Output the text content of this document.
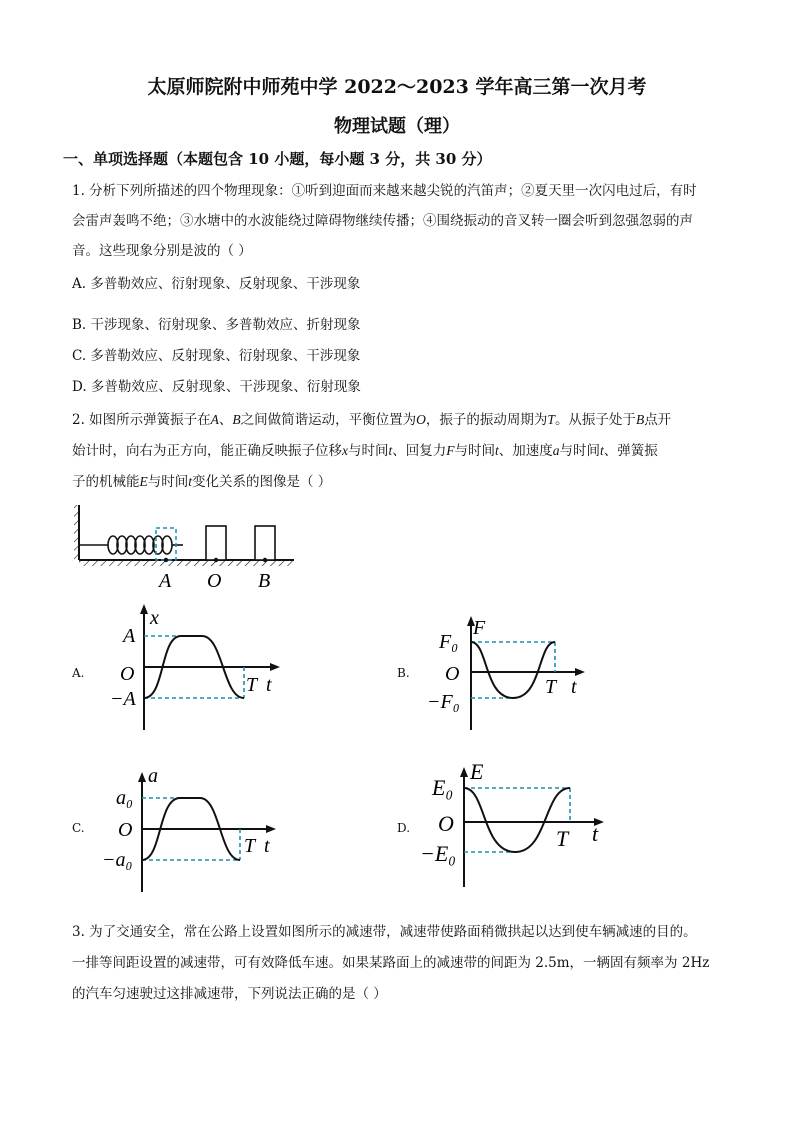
太原师院附中师苑中学 2022～2023 学年高三第一次月考
物理试题（理）
一、单项选择题（本题包含 10 小题，每小题 3 分，共 30 分）
1. 分析下列所描述的四个物理现象：①听到迎面而来越来越尖锐的汽笛声；②夏天里一次闪电过后，有时
会雷声轰鸣不绝；③水塘中的水波能绕过障碍物继续传播；④围绕振动的音叉转一圈会听到忽强忽弱的声
音。这些现象分别是波的（ ）
A. 多普勒效应、衍射现象、反射现象、干涉现象
B. 干涉现象、衍射现象、多普勒效应、折射现象
C. 多普勒效应、反射现象、衍射现象、干涉现象
D. 多普勒效应、反射现象、干涉现象、衍射现象
2. 如图所示弹簧振子在A、B之间做简谐运动，平衡位置为O，振子的振动周期为T。从振子处于B点开
始计时，向右为正方向，能正确反映振子位移x与时间t、回复力F与时间t、加速度a与时间t、弹簧振
子的机械能E与时间t变化关系的图像是（ ）
A O B
A.
x
A
O
−A
T t
B.
F
F₀
O
−F₀
T t
C.
a
a₀
O
−a₀
T t
D.
E
E₀
O
−E₀
T t
3. 为了交通安全，常在公路上设置如图所示的减速带，减速带使路面稍微拱起以达到使车辆减速的目的。
一排等间距设置的减速带，可有效降低车速。如果某路面上的减速带的间距为 2.5m，一辆固有频率为 2Hz
的汽车匀速驶过这排减速带，下列说法正确的是（ ）
